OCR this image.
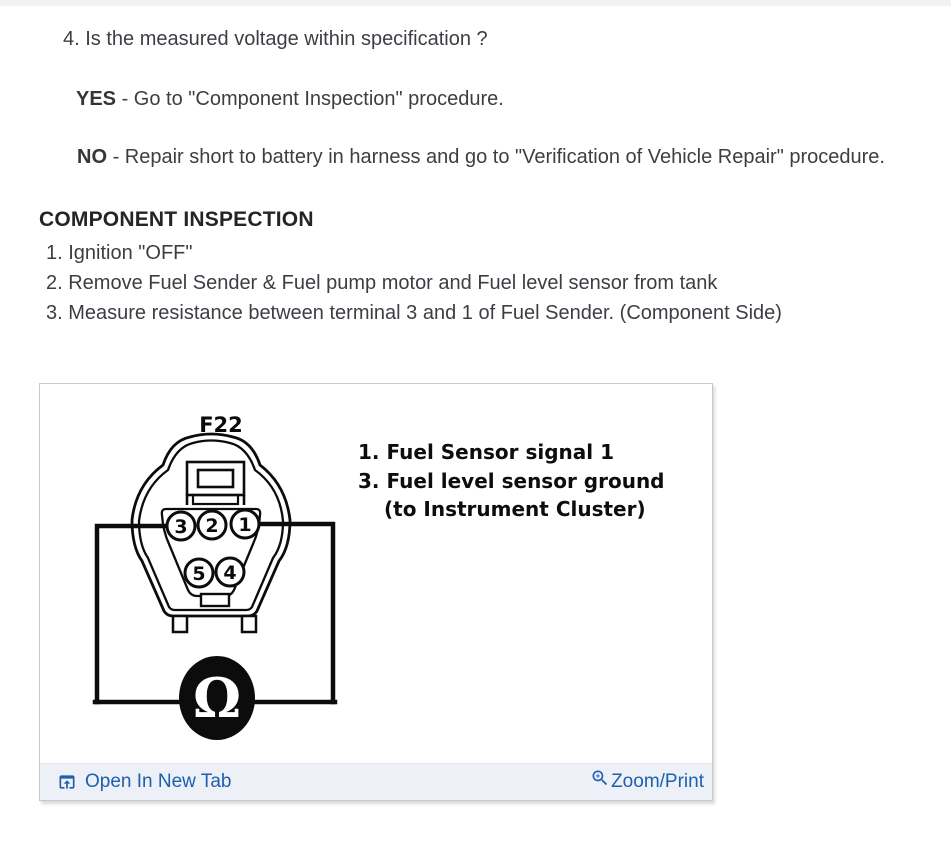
4. Is the measured voltage within specification ?
YES - Go to "Component Inspection" procedure.
NO - Repair short to battery in harness and go to "Verification of Vehicle Repair" procedure.
COMPONENT INSPECTION
1. Ignition "OFF"
2. Remove Fuel Sender & Fuel pump motor and Fuel level sensor from tank
3. Measure resistance between terminal 3 and 1 of Fuel Sender. (Component Side)
F22
3 2 1
5 4
Ω
1. Fuel Sensor signal 1
3. Fuel level sensor ground
(to Instrument Cluster)
Open In New Tab	Zoom/Print
